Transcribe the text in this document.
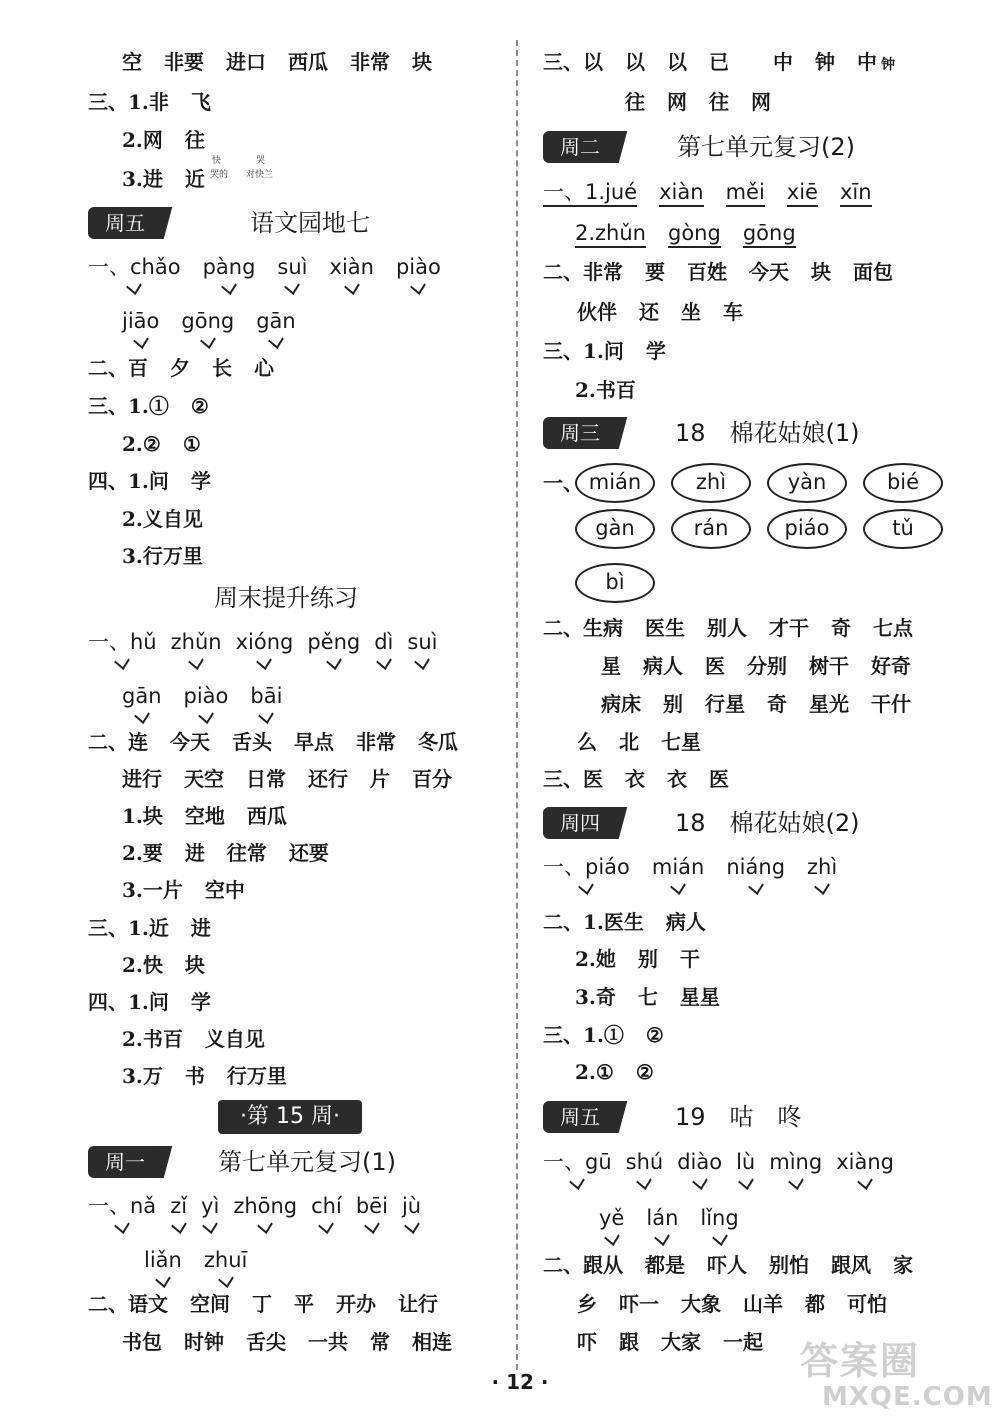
空 非要 进口 西瓜 非常 块
三、1.非 飞
2.网 往
3.进 近
快	哭
哭的 对快兰
周五	语文园地七
一、chǎo pàng suì xiàn piào
jiāo gōng gān
二、百 夕 长 心
三、1.① ②
2.② ①
四、1.问 学
2.义自见
3.行万里
周末提升练习
一、hǔ zhǔn xióng pěng dì suì
gān piào bāi
二、连 今天 舌头 早点 非常 冬瓜
进行 天空 日常 还行 片 百分
1.块 空地 西瓜
2.要 进 往常 还要
3.一片 空中
三、1.近 进
2.快 块
四、1.问 学
2.书百 义自见
3.万 书 行万里
·第 15 周·
周一	第七单元复习(1)
一、nǎ zǐ yì zhōng chí bēi jù
liǎn zhuī
二、语文 空间 丁 平 开办 让行
书包 时钟 舌尖 一共 常 相连
三、以 以 以 已 中 钟 中 钟
往 网 往 网
周二	第七单元复习(2)
一、1.jué xiàn měi xiē xīn
2.zhǔn gòng gōng
二、非常 要 百姓 今天 块 面包
伙伴 还 坐 车
三、1.问 学
2.书百
周三	18　棉花姑娘(1)
一、 mián	zhì	yàn	bié
gàn	rán	piáo	tǔ
bì
二、生病 医生 别人 才干 奇 七点
星 病人 医 分别 树干 好奇
病床 别 行星 奇 星光 干什
么 北 七星
三、医 衣 衣 医
周四	18　棉花姑娘(2)
一、piáo mián niáng zhì
二、1.医生 病人
2.她 别 干
3.奇 七 星星
三、1.① ②
2.① ②
周五	19　咕　咚
一、gū shú diào lù mìng xiàng
yě lán lǐng
二、跟从 都是 吓人 别怕 跟风 家
乡 吓一 大象 山羊 都 可怕
吓 跟 大家 一起
· 12 ·	答案圈
MXQE.COM
